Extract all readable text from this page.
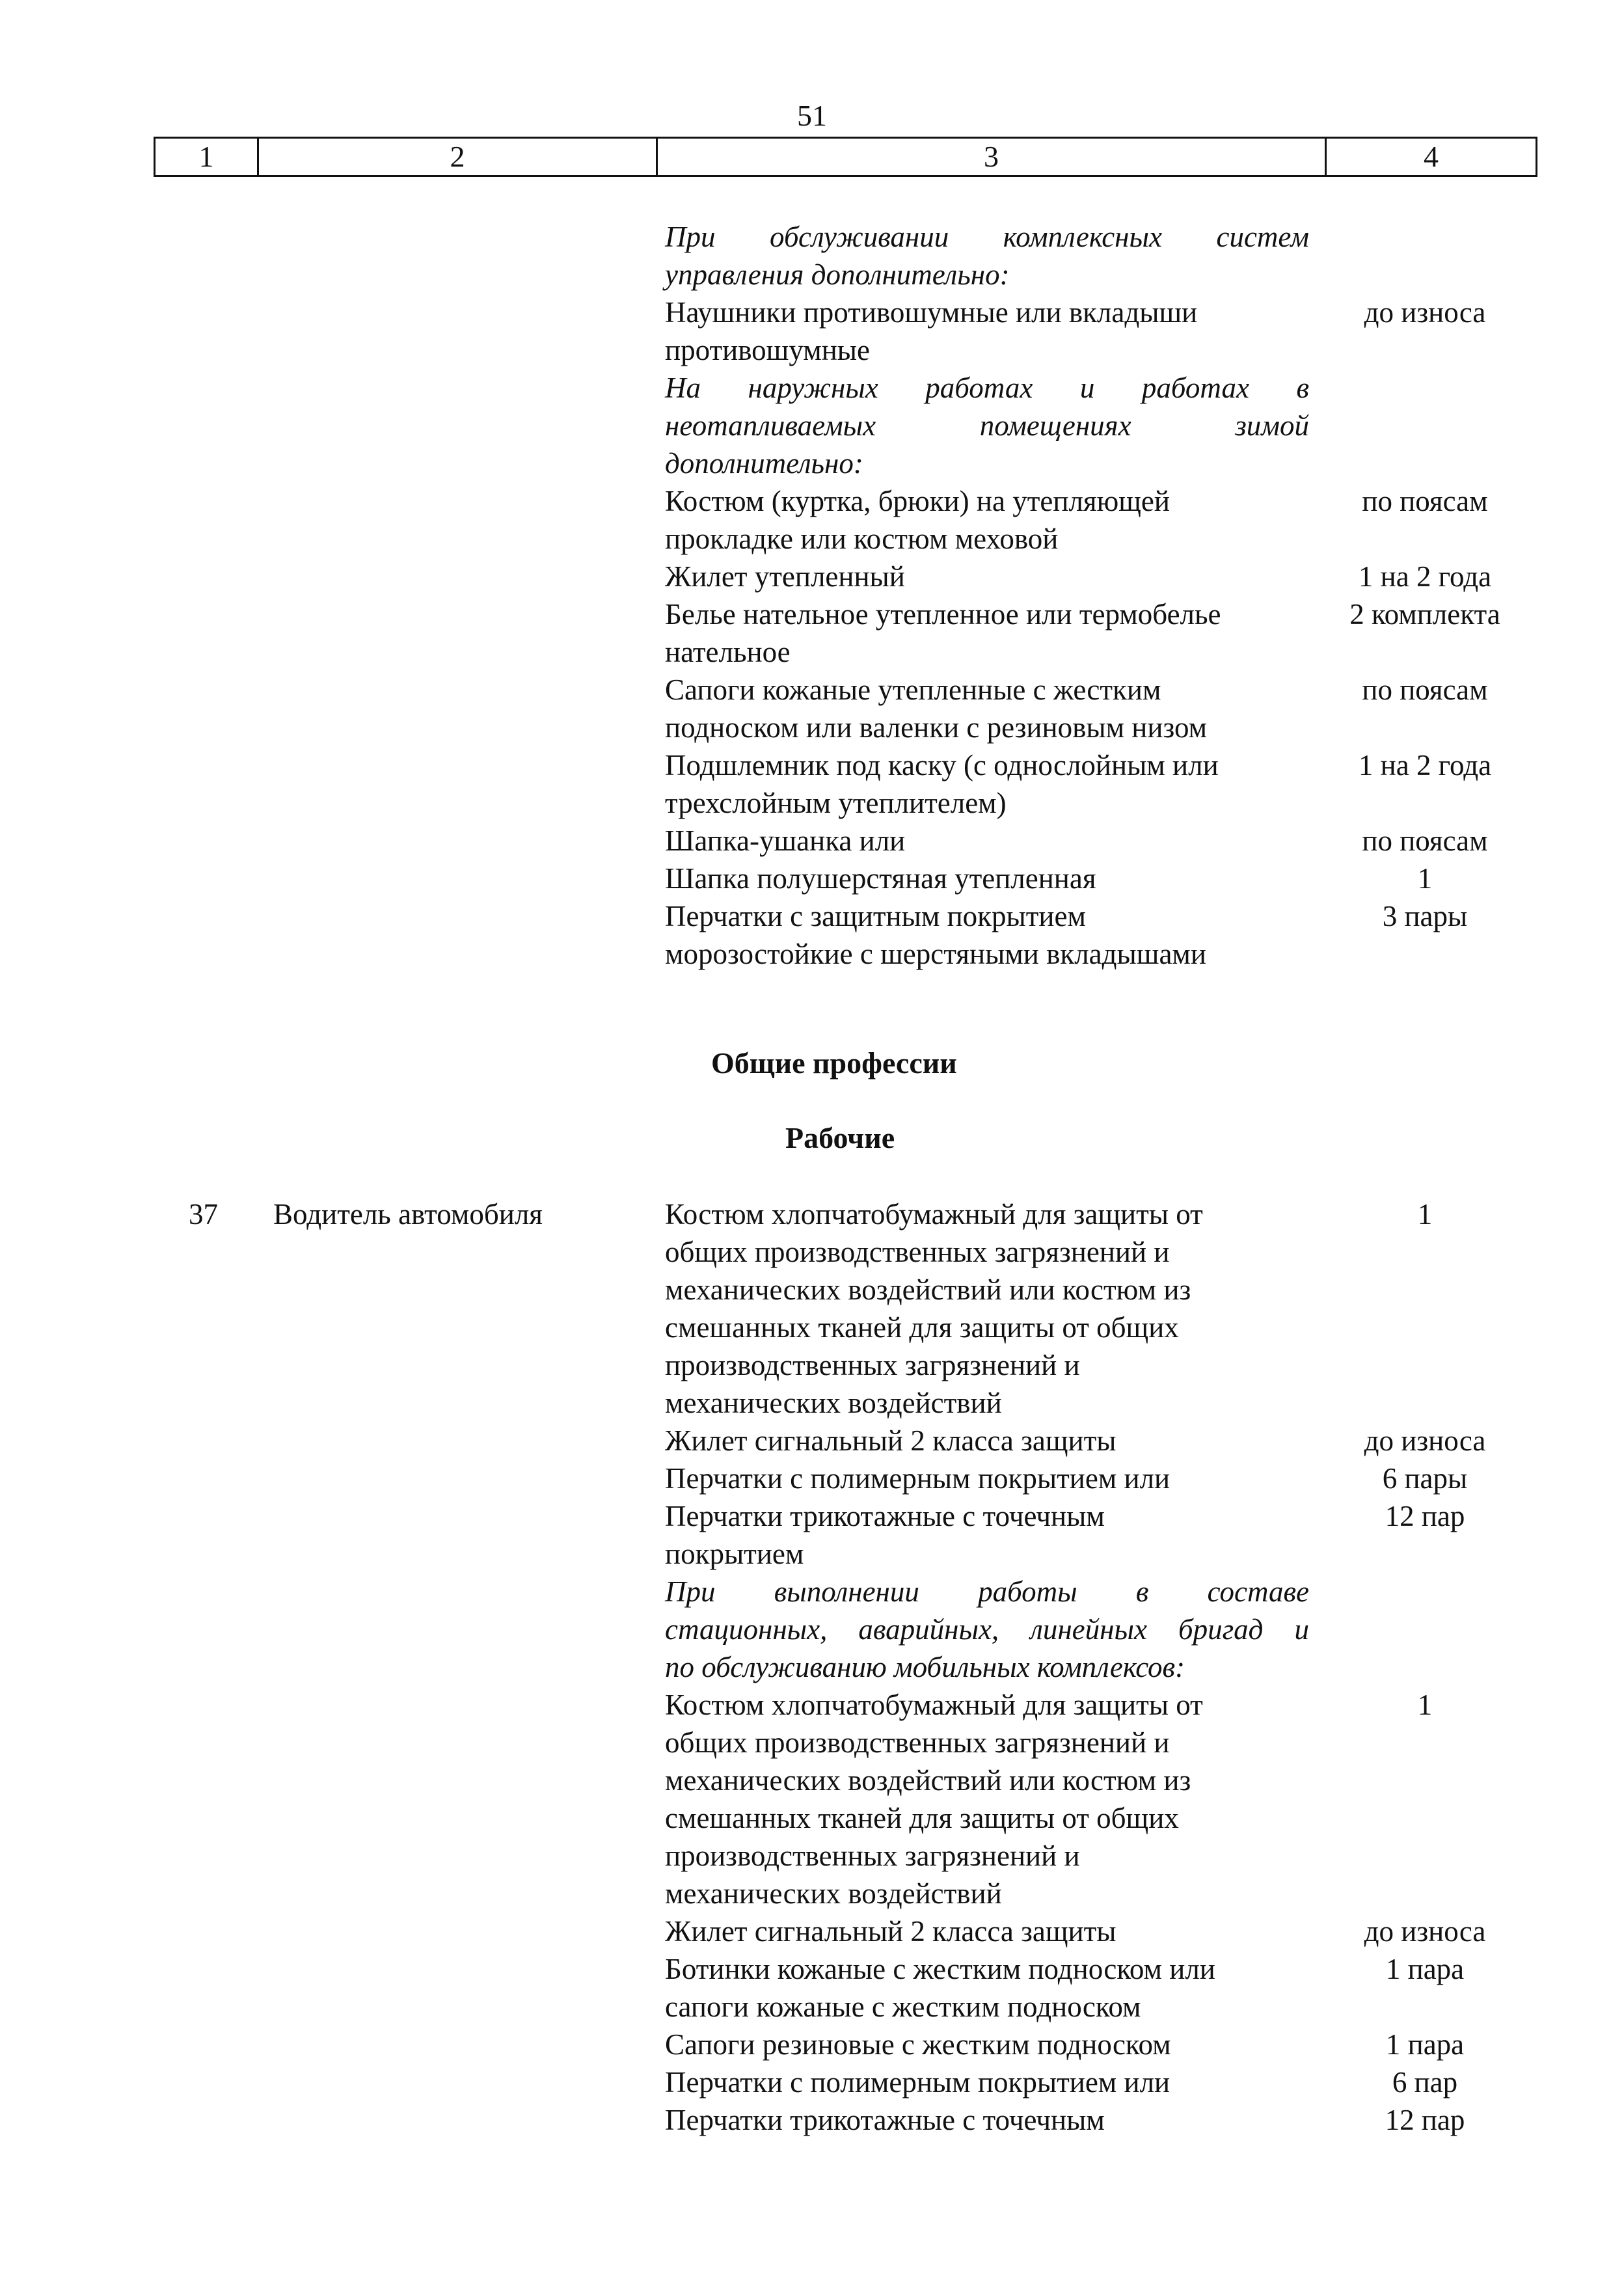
51
1	2	3	4
При обслуживании комплексных систем
управления дополнительно:
Наушники противошумные или вкладыши	до износа
противошумные
На наружных работах и работах в
неотапливаемых помещениях зимой
дополнительно:
Костюм (куртка, брюки) на утепляющей	по поясам
прокладке или костюм меховой
Жилет утепленный	1 на 2 года
Белье нательное утепленное или термобелье	2 комплекта
нательное
Сапоги кожаные утепленные с жестким	по поясам
подноском или валенки с резиновым низом
Подшлемник под каску (с однослойным или	1 на 2 года
трехслойным утеплителем)
Шапка-ушанка или	по поясам
Шапка полушерстяная утепленная	1
Перчатки с защитным покрытием	3 пары
морозостойкие с шерстяными вкладышами
Общие профессии
Рабочие
37 Водитель автомобиля	Костюм хлопчатобумажный для защиты от	1
общих производственных загрязнений и
механических воздействий или костюм из
смешанных тканей для защиты от общих
производственных загрязнений и
механических воздействий
Жилет сигнальный 2 класса защиты	до износа
Перчатки с полимерным покрытием или	6 пары
Перчатки трикотажные с точечным	12 пар
покрытием
При выполнении работы в составе
стационных, аварийных, линейных бригад и
по обслуживанию мобильных комплексов:
Костюм хлопчатобумажный для защиты от	1
общих производственных загрязнений и
механических воздействий или костюм из
смешанных тканей для защиты от общих
производственных загрязнений и
механических воздействий
Жилет сигнальный 2 класса защиты	до износа
Ботинки кожаные с жестким подноском или	1 пара
сапоги кожаные с жестким подноском
Сапоги резиновые с жестким подноском	1 пара
Перчатки с полимерным покрытием или	6 пар
Перчатки трикотажные с точечным	12 пар
